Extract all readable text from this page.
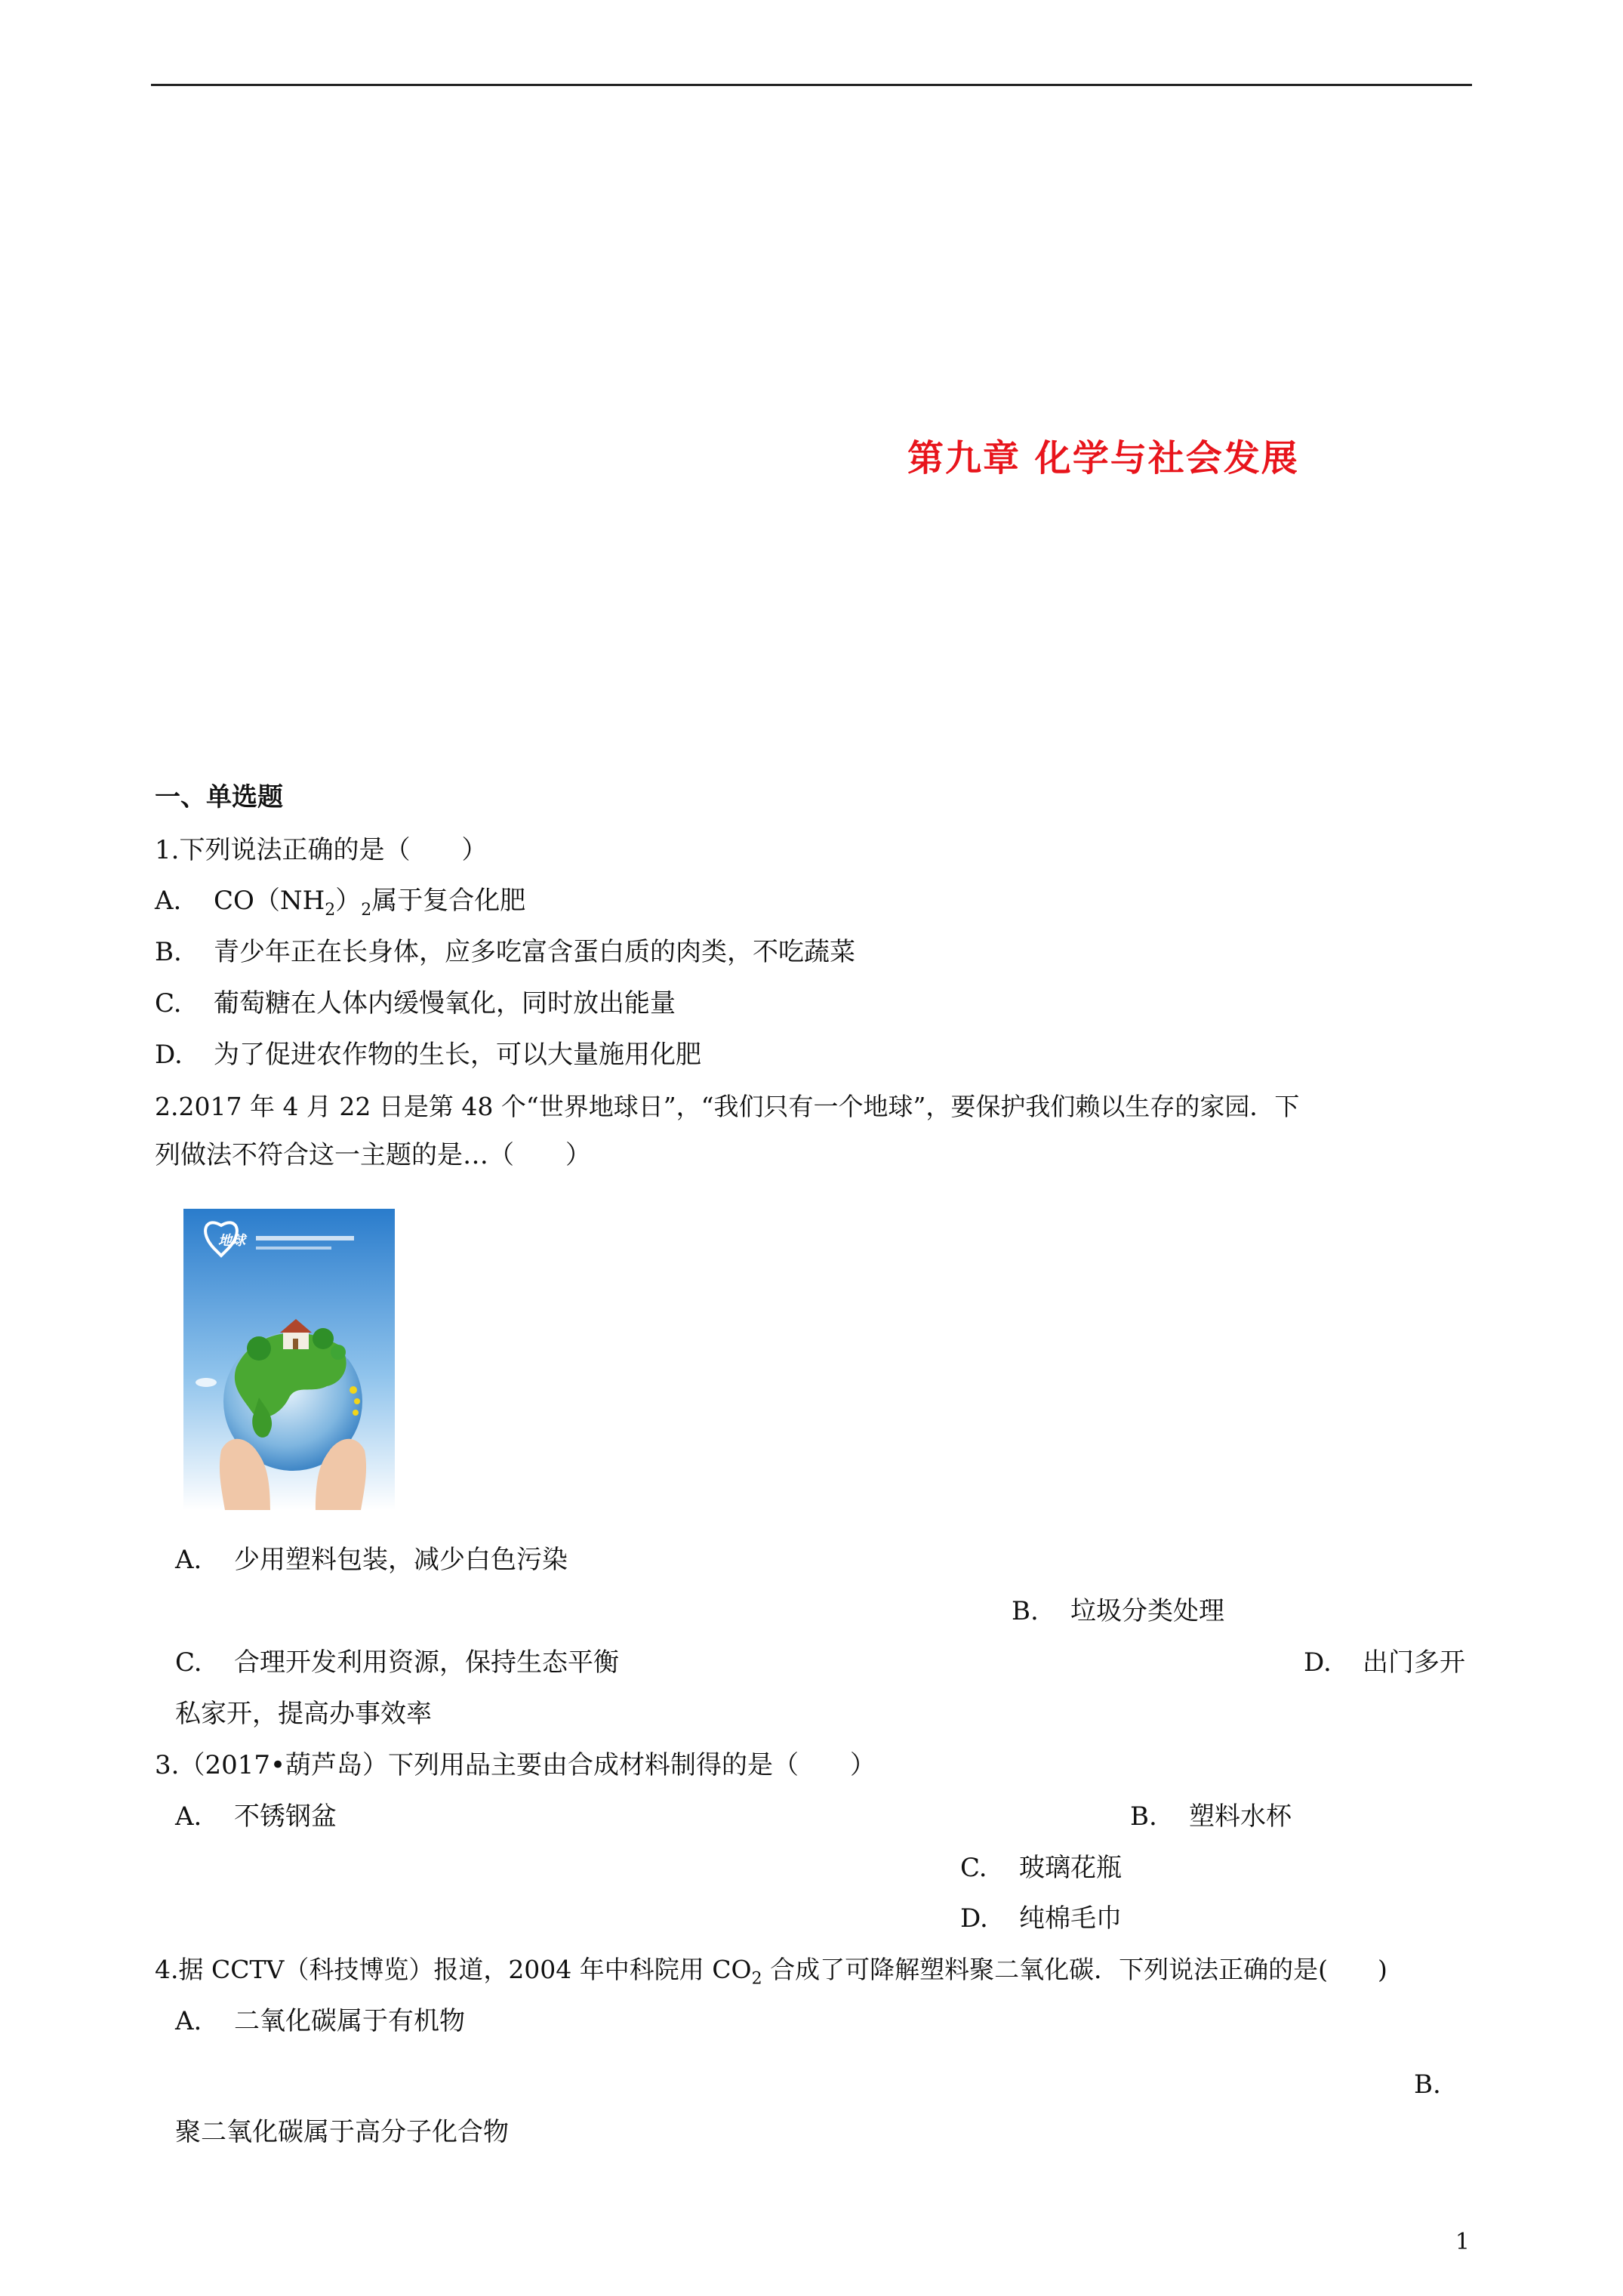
第九章 化学与社会发展
一、单选题
1.下列说法正确的是（　　）
A. $CO(NH_2)_2$属于复合化肥
B. 青少年正在长身体，应多吃富含蛋白质的肉类，不吃蔬菜
C. 葡萄糖在人体内缓慢氧化，同时放出能量
D. 为了促进农作物的生长，可以大量施用化肥
2.2017 年 4 月 22 日是第 48 个“世界地球日”，“我们只有一个地球”，要保护我们赖以生存的家园．下
列做法不符合这一主题的是…（　　）
地球
A. 少用塑料包装，减少白色污染
B. 垃圾分类处理
C. 合理开发利用资源，保持生态平衡	D. 出门多开
私家开，提高办事效率
3.（2017•葫芦岛）下列用品主要由合成材料制得的是（　　）
A. 不锈钢盆	B. 塑料水杯
C. 玻璃花瓶
D. 纯棉毛巾
4.据 CCTV（科技博览）报道，2004 年中科院用 $CO_2$ 合成了可降解塑料聚二氧化碳．下列说法正确的是(　　)
A. 二氧化碳属于有机物
B.
聚二氧化碳属于高分子化合物
1
